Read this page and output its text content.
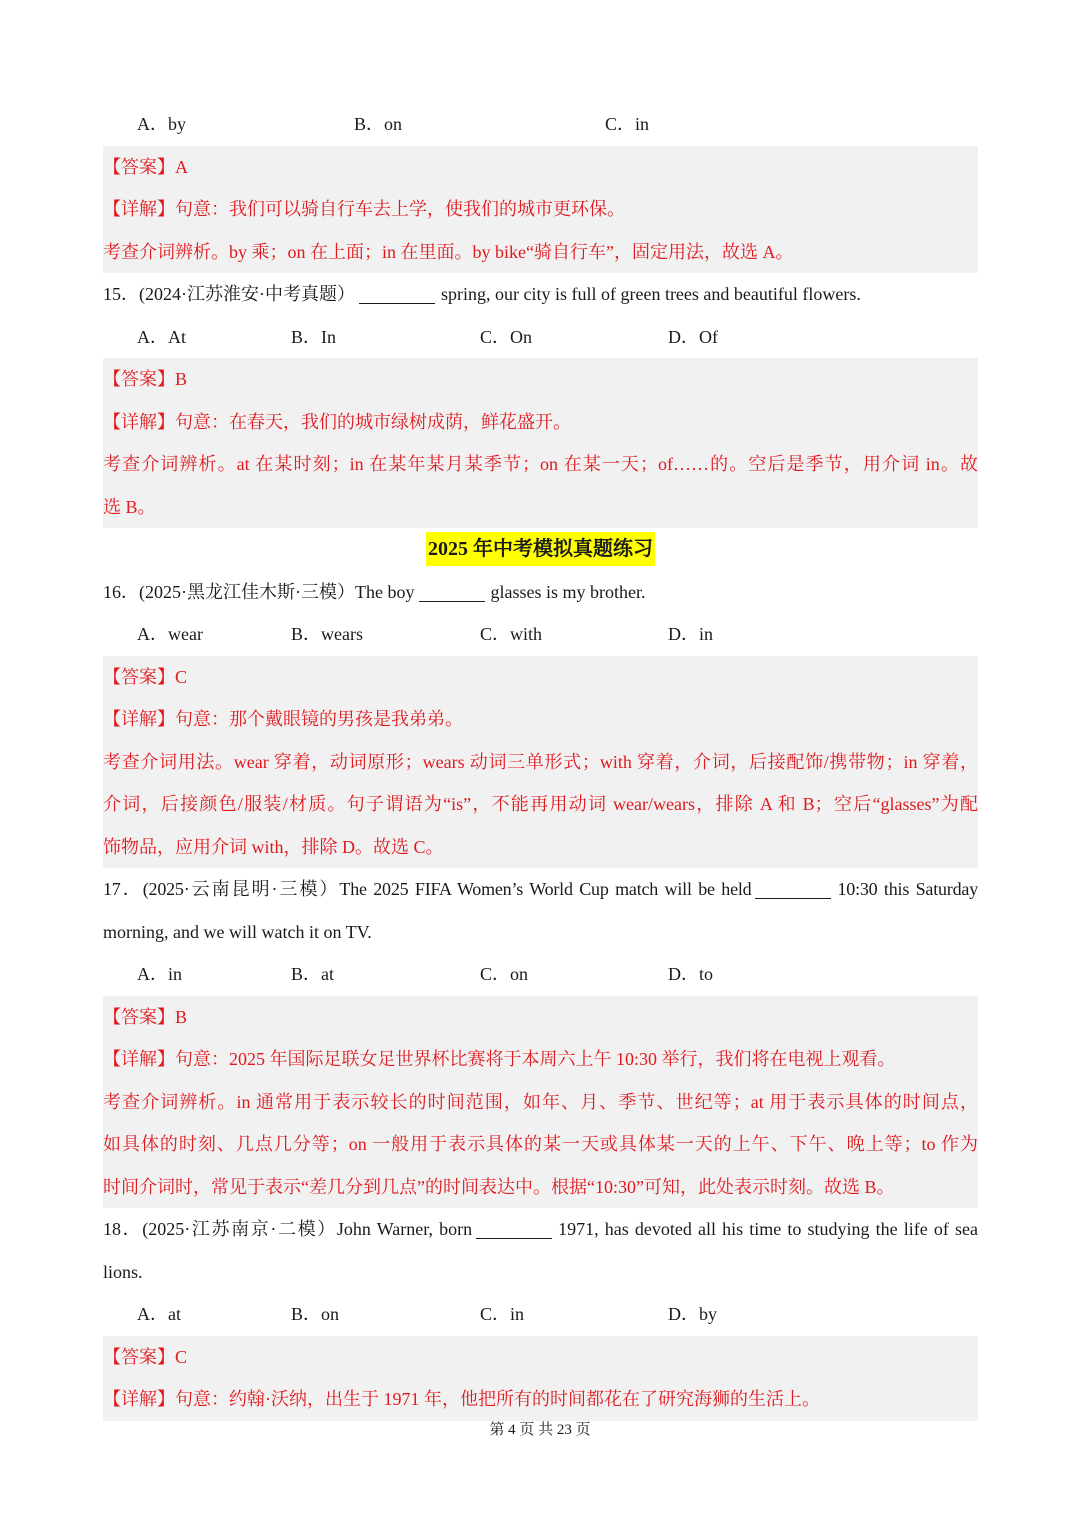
A．by	B．on	C．in
【答案】A
【详解】句意：我们可以骑自行车去上学，使我们的城市更环保。
考查介词辨析。by 乘；on 在上面；in 在里面。by bike“骑自行车”，固定用法，故选 A。
15．(2024·江苏淮安·中考真题）	spring, our city is full of green trees and beautiful flowers.
A．At	B．In	C．On	D．Of
【答案】B
【详解】句意：在春天，我们的城市绿树成荫，鲜花盛开。
考查介词辨析。at 在某时刻；in 在某年某月某季节；on 在某一天；of……的。空后是季节，用介词 in。故
选 B。
2025 年中考模拟真题练习
16．(2025·黑龙江佳木斯·三模）The boy	glasses is my brother.
A．wear	B．wears	C．with	D．in
【答案】C
【详解】句意：那个戴眼镜的男孩是我弟弟。
考查介词用法。wear 穿着，动词原形；wears 动词三单形式；with 穿着，介词，后接配饰/携带物；in 穿着，
介词，后接颜色/服装/材质。句子谓语为“is”，不能再用动词 wear/wears，排除 A 和 B；空后“glasses”为配
饰物品，应用介词 with，排除 D。故选 C。
17．(2025·云南昆明·三模）The 2025 FIFA Women’s World Cup match will be held	10:30 this Saturday
morning, and we will watch it on TV.
A．in	B．at	C．on	D．to
【答案】B
【详解】句意：2025 年国际足联女足世界杯比赛将于本周六上午 10:30 举行，我们将在电视上观看。
考查介词辨析。in 通常用于表示较长的时间范围，如年、月、季节、世纪等；at 用于表示具体的时间点，
如具体的时刻、几点几分等；on 一般用于表示具体的某一天或具体某一天的上午、下午、晚上等；to 作为
时间介词时，常见于表示“差几分到几点”的时间表达中。根据“10:30”可知，此处表示时刻。故选 B。
18．(2025·江苏南京·二模）John Warner, born	1971, has devoted all his time to studying the life of sea
lions.
A．at	B．on	C．in	D．by
【答案】C
【详解】句意：约翰·沃纳，出生于 1971 年，他把所有的时间都花在了研究海狮的生活上。
第 4 页 共 23 页
